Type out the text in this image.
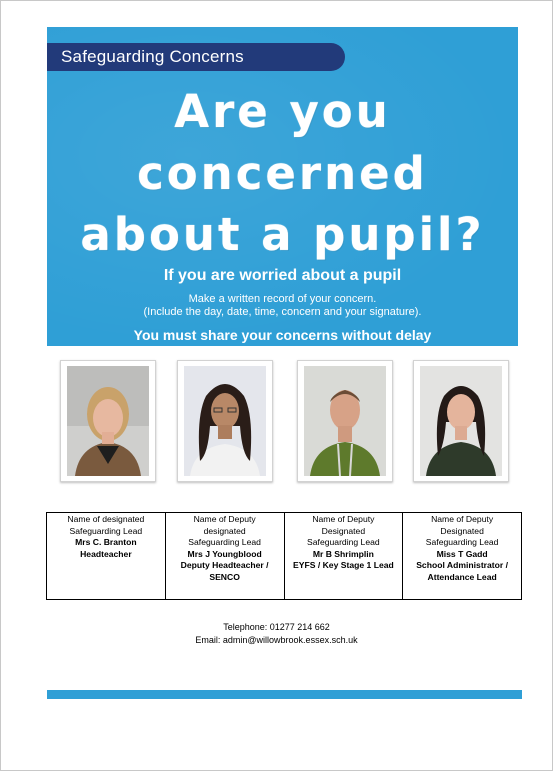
Safeguarding Concerns
Are you
concerned
about a pupil?
If you are worried about a pupil
Make a written record of your concern.
(Include the day, date, time, concern and your signature).
You must share your concerns without delay
Name of designated
Safeguarding Lead
Mrs C. Branton
Headteacher

Name of Deputy
designated
Safeguarding Lead
Mrs J Youngblood
Deputy Headteacher /
SENCO

Name of Deputy
Designated
Safeguarding Lead
Mr B Shrimplin
EYFS / Key Stage 1 Lead

Name of Deputy
Designated
Safeguarding Lead
Miss T Gadd
School Administrator /
Attendance Lead
Telephone: 01277 214 662
Email: admin@willowbrook.essex.sch.uk
